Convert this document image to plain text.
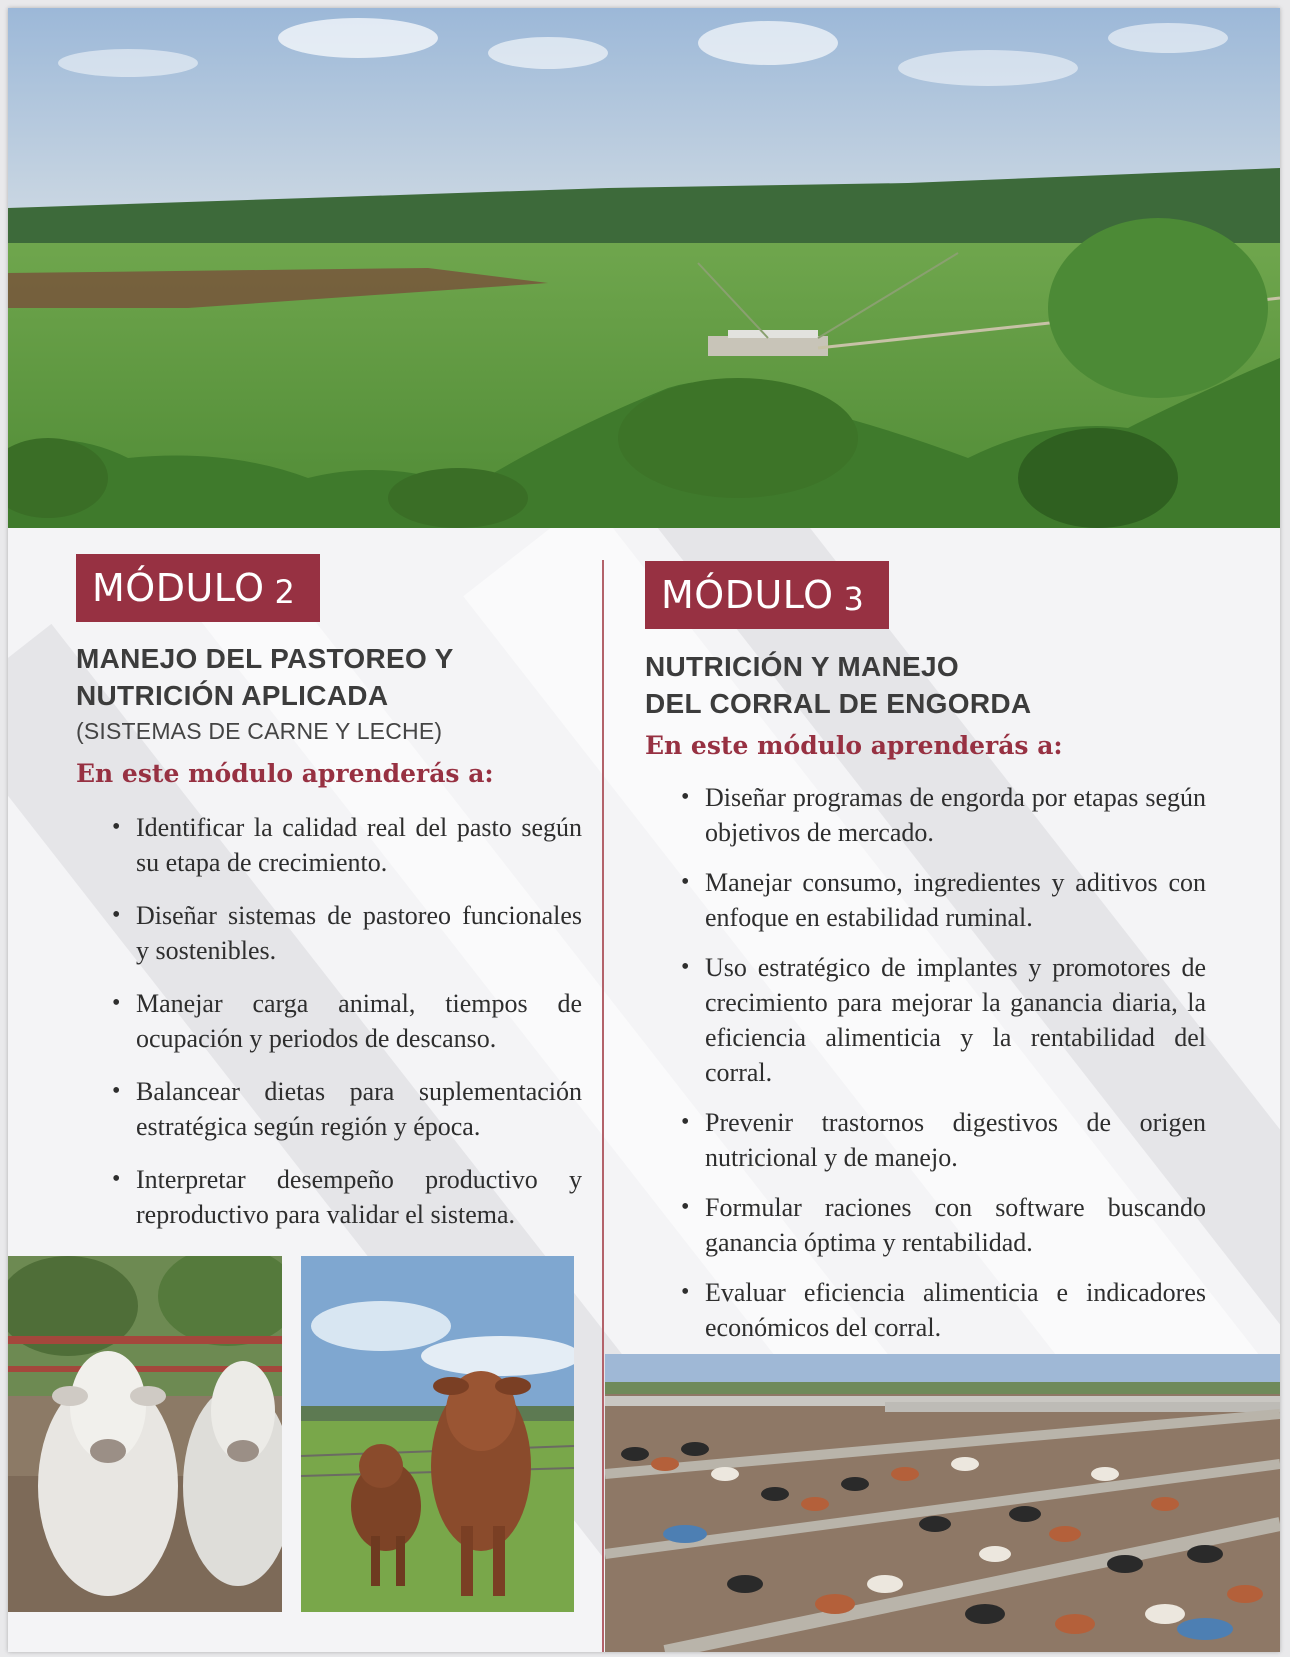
MÓDULO 2
MANEJO DEL PASTOREO Y
NUTRICIÓN APLICADA
(SISTEMAS DE CARNE Y LECHE)
En este módulo aprenderás a:
• Identificar la calidad real del pasto según su etapa de crecimiento.
• Diseñar sistemas de pastoreo funcionales y sostenibles.
• Manejar carga animal, tiempos de ocupación y periodos de descanso.
• Balancear dietas para suplementación estratégica según región y época.
• Interpretar desempeño productivo y reproductivo para validar el sistema.
MÓDULO 3
NUTRICIÓN Y MANEJO
DEL CORRAL DE ENGORDA
En este módulo aprenderás a:
• Diseñar programas de engorda por etapas según objetivos de mercado.
• Manejar consumo, ingredientes y aditivos con enfoque en estabilidad ruminal.
• Uso estratégico de implantes y promotores de crecimiento para mejorar la ganancia diaria, la eficiencia alimenticia y la rentabilidad del corral.
• Prevenir trastornos digestivos de origen nutricional y de manejo.
• Formular raciones con software buscando ganancia óptima y rentabilidad.
• Evaluar eficiencia alimenticia e indicadores económicos del corral.
